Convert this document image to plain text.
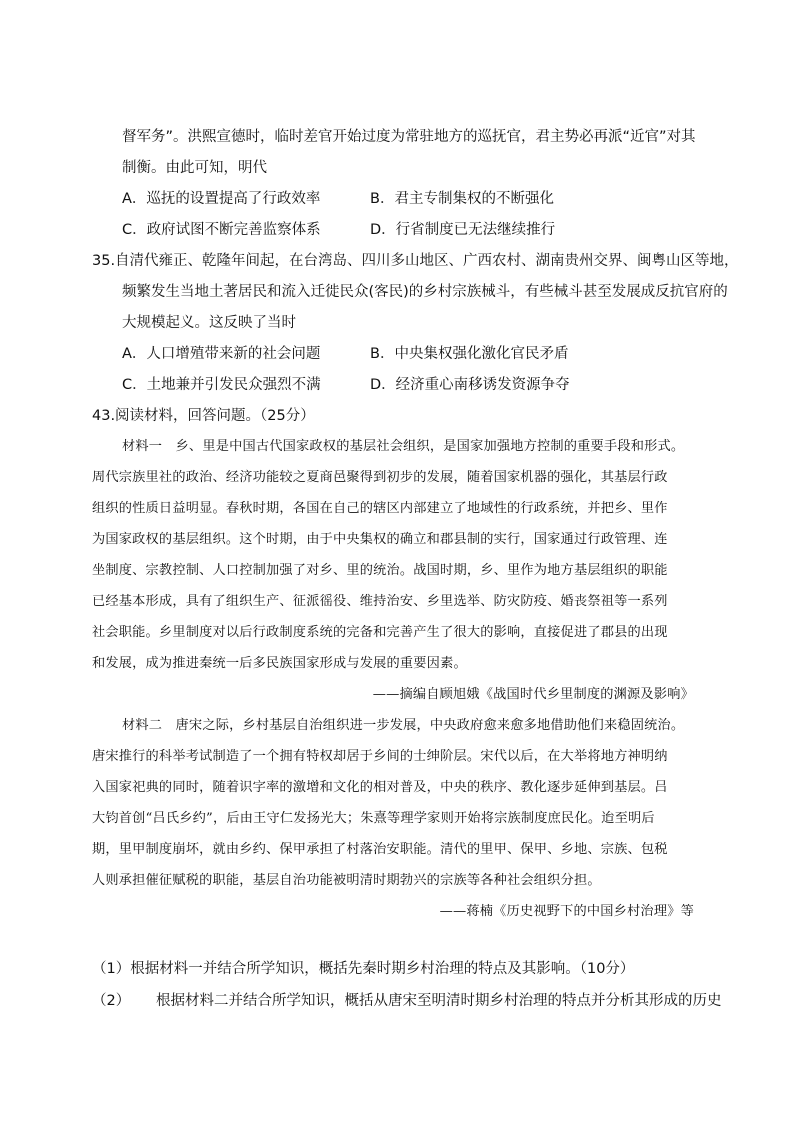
督军务”。洪熙宣德时，临时差官开始过度为常驻地方的巡抚官，君主势必再派“近官”对其
制衡。由此可知，明代
A．巡抚的设置提高了行政效率	B．君主专制集权的不断强化
C．政府试图不断完善监察体系	D．行省制度已无法继续推行
35.自清代雍正、乾隆年间起，在台湾岛、四川多山地区、广西农村、湖南贵州交界、闽粤山区等地，
频繁发生当地土著居民和流入迁徙民众(客民)的乡村宗族械斗，有些械斗甚至发展成反抗官府的
大规模起义。这反映了当时
A．人口增殖带来新的社会问题	B．中央集权强化激化官民矛盾
C．土地兼并引发民众强烈不满	D．经济重心南移诱发资源争夺
43.阅读材料，回答问题。（25分）
材料一　乡、里是中国古代国家政权的基层社会组织，是国家加强地方控制的重要手段和形式。
周代宗族里社的政治、经济功能较之夏商邑聚得到初步的发展，随着国家机器的强化，其基层行政
组织的性质日益明显。春秋时期，各国在自己的辖区内部建立了地域性的行政系统，并把乡、里作
为国家政权的基层组织。这个时期，由于中央集权的确立和郡县制的实行，国家通过行政管理、连
坐制度、宗教控制、人口控制加强了对乡、里的统治。战国时期，乡、里作为地方基层组织的职能
已经基本形成，具有了组织生产、征派徭役、维持治安、乡里选举、防灾防疫、婚丧祭祖等一系列
社会职能。乡里制度对以后行政制度系统的完备和完善产生了很大的影响，直接促进了郡县的出现
和发展，成为推进秦统一后多民族国家形成与发展的重要因素。
——摘编自顾旭娥《战国时代乡里制度的渊源及影响》
材料二　唐宋之际，乡村基层自治组织进一步发展，中央政府愈来愈多地借助他们来稳固统治。
唐宋推行的科举考试制造了一个拥有特权却居于乡间的士绅阶层。宋代以后，在大举将地方神明纳
入国家祀典的同时，随着识字率的激增和文化的相对普及，中央的秩序、教化逐步延伸到基层。吕
大钧首创“吕氏乡约”，后由王守仁发扬光大；朱熹等理学家则开始将宗族制度庶民化。迨至明后
期，里甲制度崩坏，就由乡约、保甲承担了村落治安职能。清代的里甲、保甲、乡地、宗族、包税
人则承担催征赋税的职能，基层自治功能被明清时期勃兴的宗族等各种社会组织分担。
——蒋楠《历史视野下的中国乡村治理》等
（1）根据材料一并结合所学知识，概括先秦时期乡村治理的特点及其影响。（10分）
（2） 根据材料二并结合所学知识，概括从唐宋至明清时期乡村治理的特点并分析其形成的历史
